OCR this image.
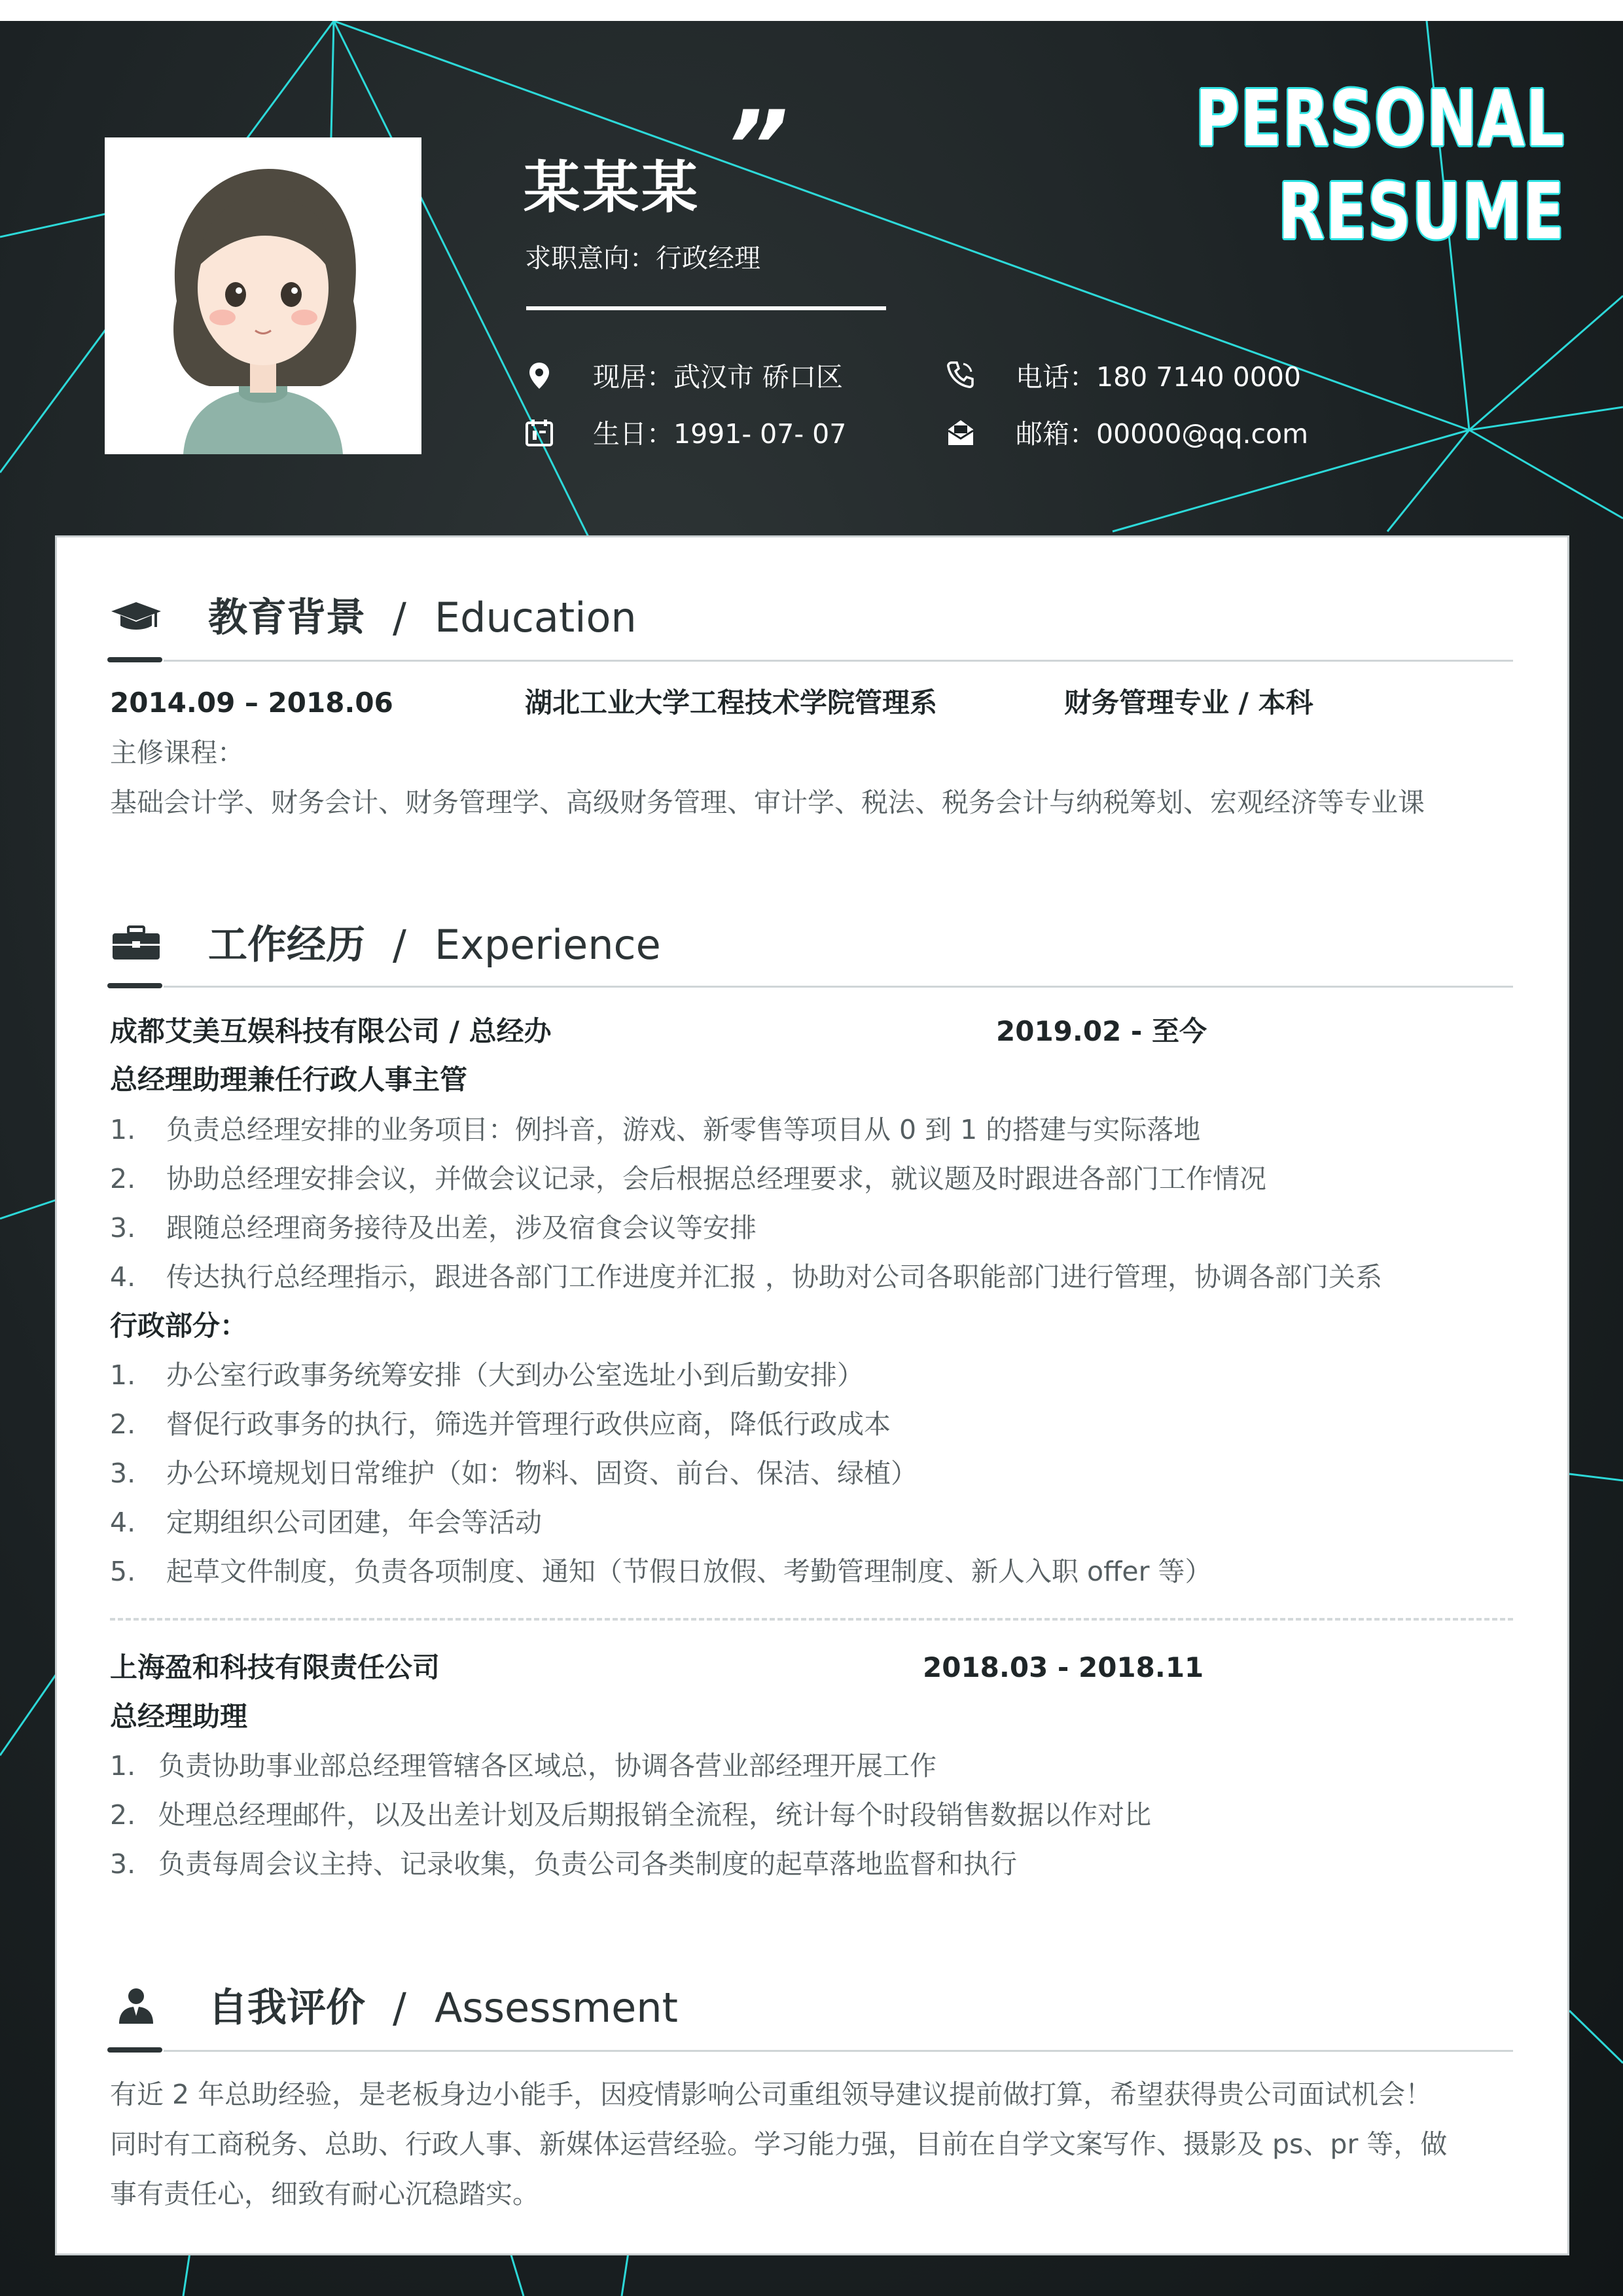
”
某某某
求职意向：行政经理
现居：武汉市 硚口区
生日：1991- 07- 07
电话：180 7140 0000
邮箱：00000@qq.com
PERSONAL
RESUME
教育背景 / Education
2014.09 – 2018.06	湖北工业大学工程技术学院管理系	财务管理专业 / 本科
主修课程：
基础会计学、财务会计、财务管理学、高级财务管理、审计学、税法、税务会计与纳税筹划、宏观经济等专业课
工作经历 / Experience
成都艾美互娱科技有限公司 / 总经办	2019.02 - 至今
总经理助理兼任行政人事主管
1. 负责总经理安排的业务项目：例抖音，游戏、新零售等项目从 0 到 1 的搭建与实际落地
2. 协助总经理安排会议，并做会议记录，会后根据总经理要求，就议题及时跟进各部门工作情况
3. 跟随总经理商务接待及出差，涉及宿食会议等安排
4. 传达执行总经理指示，跟进各部门工作进度并汇报 ，协助对公司各职能部门进行管理，协调各部门关系
行政部分：
1. 办公室行政事务统筹安排（大到办公室选址小到后勤安排）
2. 督促行政事务的执行，筛选并管理行政供应商，降低行政成本
3. 办公环境规划日常维护（如：物料、固资、前台、保洁、绿植）
4. 定期组织公司团建，年会等活动
5. 起草文件制度，负责各项制度、通知（节假日放假、考勤管理制度、新人入职 offer 等）
上海盈和科技有限责任公司	2018.03 - 2018.11
总经理助理
1. 负责协助事业部总经理管辖各区域总，协调各营业部经理开展工作
2. 处理总经理邮件，以及出差计划及后期报销全流程，统计每个时段销售数据以作对比
3. 负责每周会议主持、记录收集，负责公司各类制度的起草落地监督和执行
自我评价 / Assessment
有近 2 年总助经验，是老板身边小能手，因疫情影响公司重组领导建议提前做打算，希望获得贵公司面试机会！
同时有工商税务、总助、行政人事、新媒体运营经验。学习能力强，目前在自学文案写作、摄影及 ps、pr 等，做
事有责任心，细致有耐心沉稳踏实。
